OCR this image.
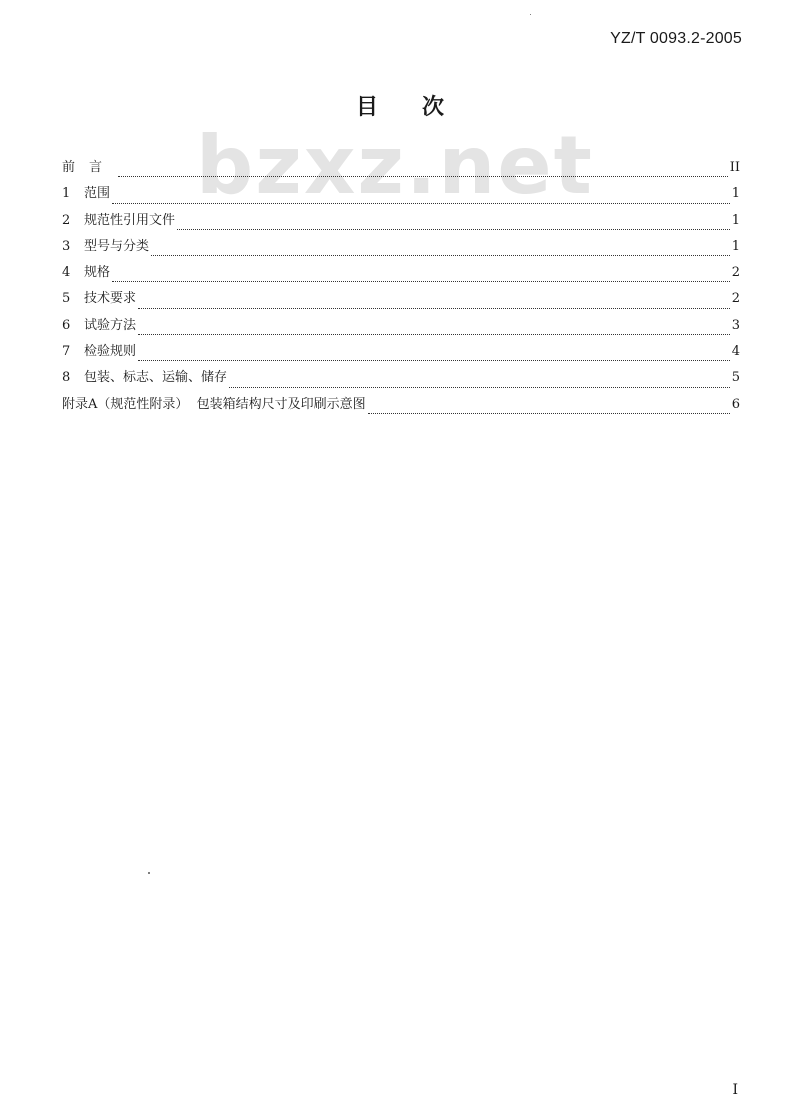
YZ/T 0093.2-2005
目 次
bzxz.net
前言	II
1	范围	1
2	规范性引用文件	1
3	型号与分类	1
4	规格	2
5	技术要求	2
6	试验方法	3
7	检验规则	4
8	包装、标志、运输、储存	5
附录A（规范性附录）  包装箱结构尺寸及印刷示意图	6
I
